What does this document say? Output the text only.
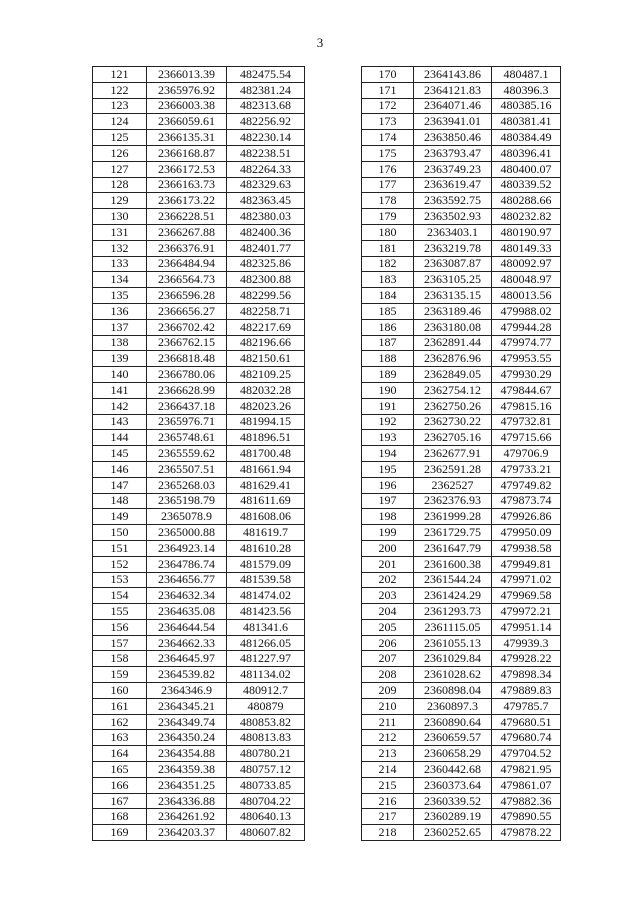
3
121	2366013.39	482475.54
122	2365976.92	482381.24
123	2366003.38	482313.68
124	2366059.61	482256.92
125	2366135.31	482230.14
126	2366168.87	482238.51
127	2366172.53	482264.33
128	2366163.73	482329.63
129	2366173.22	482363.45
130	2366228.51	482380.03
131	2366267.88	482400.36
132	2366376.91	482401.77
133	2366484.94	482325.86
134	2366564.73	482300.88
135	2366596.28	482299.56
136	2366656.27	482258.71
137	2366702.42	482217.69
138	2366762.15	482196.66
139	2366818.48	482150.61
140	2366780.06	482109.25
141	2366628.99	482032.28
142	2366437.18	482023.26
143	2365976.71	481994.15
144	2365748.61	481896.51
145	2365559.62	481700.48
146	2365507.51	481661.94
147	2365268.03	481629.41
148	2365198.79	481611.69
149	2365078.9	481608.06
150	2365000.88	481619.7
151	2364923.14	481610.28
152	2364786.74	481579.09
153	2364656.77	481539.58
154	2364632.34	481474.02
155	2364635.08	481423.56
156	2364644.54	481341.6
157	2364662.33	481266.05
158	2364645.97	481227.97
159	2364539.82	481134.02
160	2364346.9	480912.7
161	2364345.21	480879
162	2364349.74	480853.82
163	2364350.24	480813.83
164	2364354.88	480780.21
165	2364359.38	480757.12
166	2364351.25	480733.85
167	2364336.88	480704.22
168	2364261.92	480640.13
169	2364203.37	480607.82
170	2364143.86	480487.1
171	2364121.83	480396.3
172	2364071.46	480385.16
173	2363941.01	480381.41
174	2363850.46	480384.49
175	2363793.47	480396.41
176	2363749.23	480400.07
177	2363619.47	480339.52
178	2363592.75	480288.66
179	2363502.93	480232.82
180	2363403.1	480190.97
181	2363219.78	480149.33
182	2363087.87	480092.97
183	2363105.25	480048.97
184	2363135.15	480013.56
185	2363189.46	479988.02
186	2363180.08	479944.28
187	2362891.44	479974.77
188	2362876.96	479953.55
189	2362849.05	479930.29
190	2362754.12	479844.67
191	2362750.26	479815.16
192	2362730.22	479732.81
193	2362705.16	479715.66
194	2362677.91	479706.9
195	2362591.28	479733.21
196	2362527	479749.82
197	2362376.93	479873.74
198	2361999.28	479926.86
199	2361729.75	479950.09
200	2361647.79	479938.58
201	2361600.38	479949.81
202	2361544.24	479971.02
203	2361424.29	479969.58
204	2361293.73	479972.21
205	2361115.05	479951.14
206	2361055.13	479939.3
207	2361029.84	479928.22
208	2361028.62	479898.34
209	2360898.04	479889.83
210	2360897.3	479785.7
211	2360890.64	479680.51
212	2360659.57	479680.74
213	2360658.29	479704.52
214	2360442.68	479821.95
215	2360373.64	479861.07
216	2360339.52	479882.36
217	2360289.19	479890.55
218	2360252.65	479878.22
